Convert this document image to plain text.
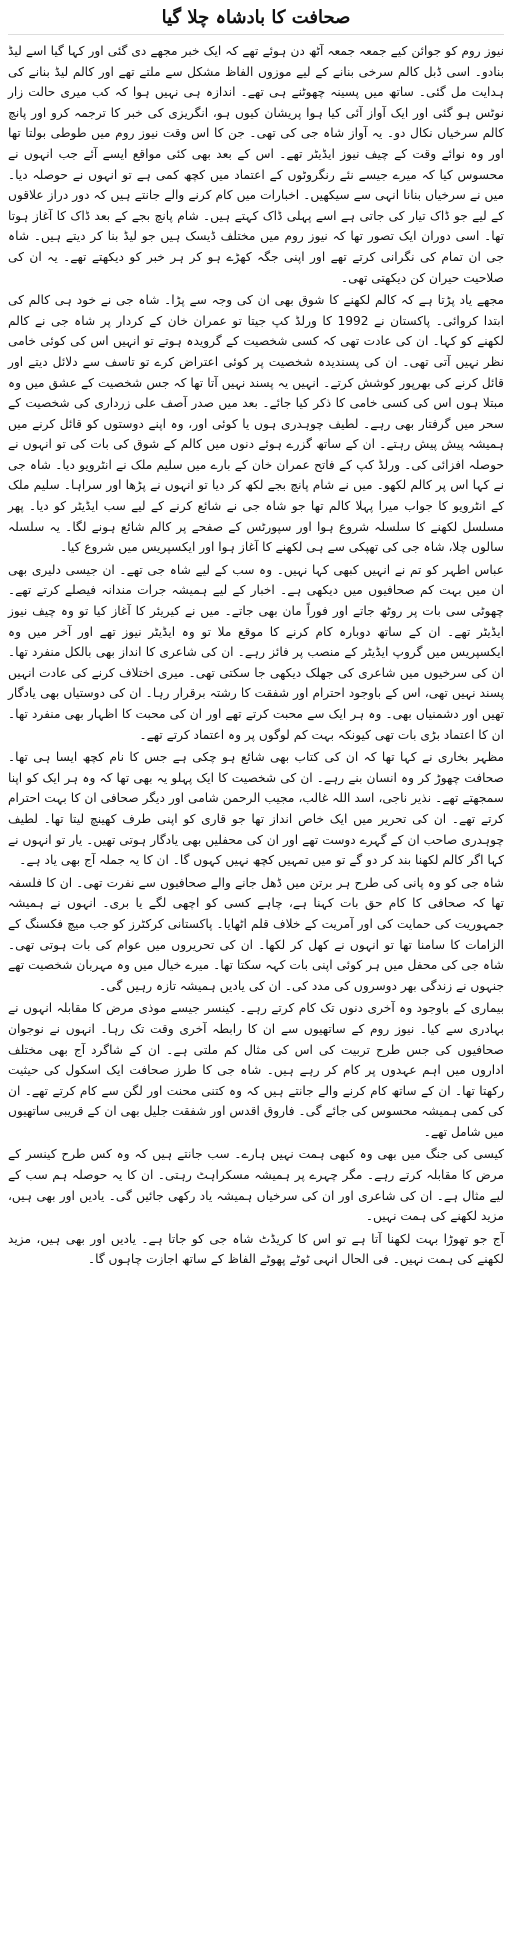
صحافت کا بادشاہ چلا گیا

نیوز روم کو جوائن کیے جمعہ جمعہ آٹھ دن ہوئے تھے کہ ایک خبر مجھے دی گئی اور کہا گیا اسے لیڈ بنادو۔ اسی ڈبل کالم سرخی بنانے کے لیے موزوں الفاظ مشکل سے ملتے تھے اور کالم لیڈ بنانے کی ہدایت مل گئی۔ ساتھ میں پسینہ چھوٹنے ہی تھے۔ اندازہ ہی نہیں ہوا کہ کب میری حالت زار نوٹس ہو گئی اور ایک آواز آئی کیا ہوا پریشان کیوں ہو، انگریزی کی خبر کا ترجمہ کرو اور پانچ کالم سرخیاں نکال دو۔ یہ آواز شاہ جی کی تھی۔ جن کا اس وقت نیوز روم میں طوطی بولتا تھا اور وہ نوائے وقت کے چیف نیوز ایڈیٹر تھے۔ اس کے بعد بھی کئی مواقع ایسے آئے جب انہوں نے محسوس کیا کہ میرے جیسے نئے رنگروٹوں کے اعتماد میں کچھ کمی ہے تو انہوں نے حوصلہ دیا۔ میں نے سرخیاں بنانا انہی سے سیکھیں۔ اخبارات میں کام کرنے والے جانتے ہیں کہ دور دراز علاقوں کے لیے جو ڈاک تیار کی جاتی ہے اسے پہلی ڈاک کہتے ہیں۔ شام پانچ بجے کے بعد ڈاک کا آغاز ہوتا تھا۔ اسی دوران ایک تصور تھا کہ نیوز روم میں مختلف ڈیسک ہیں جو لیڈ بنا کر دیتے ہیں۔ شاہ جی ان تمام کی نگرانی کرتے تھے اور اپنی جگہ کھڑے ہو کر ہر خبر کو دیکھتے تھے۔ یہ ان کی صلاحیت حیران کن دیکھتی تھی۔

مجھے یاد پڑتا ہے کہ کالم لکھنے کا شوق بھی ان کی وجہ سے پڑا۔ شاہ جی نے خود ہی کالم کی ابتدا کروائی۔ پاکستان نے 1992 کا ورلڈ کپ جیتا تو عمران خان کے کردار پر شاہ جی نے کالم لکھنے کو کہا۔ ان کی عادت تھی کہ کسی شخصیت کے گرویدہ ہوتے تو انہیں اس کی کوئی خامی نظر نہیں آتی تھی۔ ان کی پسندیدہ شخصیت پر کوئی اعتراض کرے تو تاسف سے دلائل دیتے اور قائل کرنے کی بھرپور کوشش کرتے۔ انہیں یہ پسند نہیں آتا تھا کہ جس شخصیت کے عشق میں وہ مبتلا ہوں اس کی کسی خامی کا ذکر کیا جائے۔ بعد میں صدر آصف علی زرداری کی شخصیت کے سحر میں گرفتار بھی رہے۔ لطیف چوہدری ہوں یا کوئی اور، وہ اپنے دوستوں کو قائل کرنے میں ہمیشہ پیش پیش رہتے۔ ان کے ساتھ گزرے ہوئے دنوں میں کالم کے شوق کی بات کی تو انہوں نے حوصلہ افزائی کی۔ ورلڈ کپ کے فاتح عمران خان کے بارے میں سلیم ملک نے انٹرویو دیا۔ شاہ جی نے کہا اس پر کالم لکھو۔ میں نے شام پانچ بجے لکھ کر دیا تو انہوں نے پڑھا اور سراہا۔ سلیم ملک کے انٹرویو کا جواب میرا پہلا کالم تھا جو شاہ جی نے شائع کرنے کے لیے سب ایڈیٹر کو دیا۔ پھر مسلسل لکھنے کا سلسلہ شروع ہوا اور سپورٹس کے صفحے پر کالم شائع ہونے لگا۔ یہ سلسلہ سالوں چلا، شاہ جی کی تھپکی سے ہی لکھنے کا آغاز ہوا اور ایکسپریس میں شروع کیا۔

عباس اطہر کو تم نے انہیں کبھی کہا نہیں۔ وہ سب کے لیے شاہ جی تھے۔ ان جیسی دلیری بھی ان میں بہت کم صحافیوں میں دیکھی ہے۔ اخبار کے لیے ہمیشہ جرات مندانہ فیصلے کرتے تھے۔ چھوٹی سی بات پر روٹھ جاتے اور فوراً مان بھی جاتے۔ میں نے کیریئر کا آغاز کیا تو وہ چیف نیوز ایڈیٹر تھے۔ ان کے ساتھ دوبارہ کام کرنے کا موقع ملا تو وہ ایڈیٹر نیوز تھے اور آخر میں وہ ایکسپریس میں گروپ ایڈیٹر کے منصب پر فائز رہے۔ ان کی شاعری کا انداز بھی بالکل منفرد تھا۔ ان کی سرخیوں میں شاعری کی جھلک دیکھی جا سکتی تھی۔ میری اختلاف کرنے کی عادت انہیں پسند نہیں تھی، اس کے باوجود احترام اور شفقت کا رشتہ برقرار رہا۔ ان کی دوستیاں بھی یادگار تھیں اور دشمنیاں بھی۔ وہ ہر ایک سے محبت کرتے تھے اور ان کی محبت کا اظہار بھی منفرد تھا۔ ان کا اعتماد بڑی بات تھی کیونکہ بہت کم لوگوں پر وہ اعتماد کرتے تھے۔

مظہر بخاری نے کہا تھا کہ ان کی کتاب بھی شائع ہو چکی ہے جس کا نام کچھ ایسا ہی تھا۔ صحافت چھوڑ کر وہ انسان بنے رہے۔ ان کی شخصیت کا ایک پہلو یہ بھی تھا کہ وہ ہر ایک کو اپنا سمجھتے تھے۔ نذیر ناجی، اسد اللہ غالب، مجیب الرحمن شامی اور دیگر صحافی ان کا بہت احترام کرتے تھے۔ ان کی تحریر میں ایک خاص انداز تھا جو قاری کو اپنی طرف کھینچ لیتا تھا۔ لطیف چوہدری صاحب ان کے گہرے دوست تھے اور ان کی محفلیں بھی یادگار ہوتی تھیں۔ یار تو انہوں نے کہا اگر کالم لکھنا بند کر دو گے تو میں تمہیں کچھ نہیں کہوں گا۔ ان کا یہ جملہ آج بھی یاد ہے۔

شاہ جی کو وہ پانی کی طرح ہر برتن میں ڈھل جانے والے صحافیوں سے نفرت تھی۔ ان کا فلسفہ تھا کہ صحافی کا کام حق بات کہنا ہے، چاہے کسی کو اچھی لگے یا بری۔ انہوں نے ہمیشہ جمہوریت کی حمایت کی اور آمریت کے خلاف قلم اٹھایا۔ پاکستانی کرکٹرز کو جب میچ فکسنگ کے الزامات کا سامنا تھا تو انہوں نے کھل کر لکھا۔ ان کی تحریروں میں عوام کی بات ہوتی تھی۔ شاہ جی کی محفل میں ہر کوئی اپنی بات کہہ سکتا تھا۔ میرے خیال میں وہ مہربان شخصیت تھے جنہوں نے زندگی بھر دوسروں کی مدد کی۔ ان کی یادیں ہمیشہ تازہ رہیں گی۔

بیماری کے باوجود وہ آخری دنوں تک کام کرتے رہے۔ کینسر جیسے موذی مرض کا مقابلہ انہوں نے بہادری سے کیا۔ نیوز روم کے ساتھیوں سے ان کا رابطہ آخری وقت تک رہا۔ انہوں نے نوجوان صحافیوں کی جس طرح تربیت کی اس کی مثال کم ملتی ہے۔ ان کے شاگرد آج بھی مختلف اداروں میں اہم عہدوں پر کام کر رہے ہیں۔ شاہ جی کا طرز صحافت ایک اسکول کی حیثیت رکھتا تھا۔ ان کے ساتھ کام کرنے والے جانتے ہیں کہ وہ کتنی محنت اور لگن سے کام کرتے تھے۔ ان کی کمی ہمیشہ محسوس کی جائے گی۔ فاروق اقدس اور شفقت جلیل بھی ان کے قریبی ساتھیوں میں شامل تھے۔

کیسی کی جنگ میں بھی وہ کبھی ہمت نہیں ہارے۔ سب جانتے ہیں کہ وہ کس طرح کینسر کے مرض کا مقابلہ کرتے رہے۔ مگر چہرے پر ہمیشہ مسکراہٹ رہتی۔ ان کا یہ حوصلہ ہم سب کے لیے مثال ہے۔ ان کی شاعری اور ان کی سرخیاں ہمیشہ یاد رکھی جائیں گی۔ یادیں اور بھی ہیں، مزید لکھنے کی ہمت نہیں۔

آج جو تھوڑا بہت لکھنا آتا ہے تو اس کا کریڈٹ شاہ جی کو جاتا ہے۔ یادیں اور بھی ہیں، مزید لکھنے کی ہمت نہیں۔ فی الحال انہی ٹوٹے پھوٹے الفاظ کے ساتھ اجازت چاہوں گا۔
